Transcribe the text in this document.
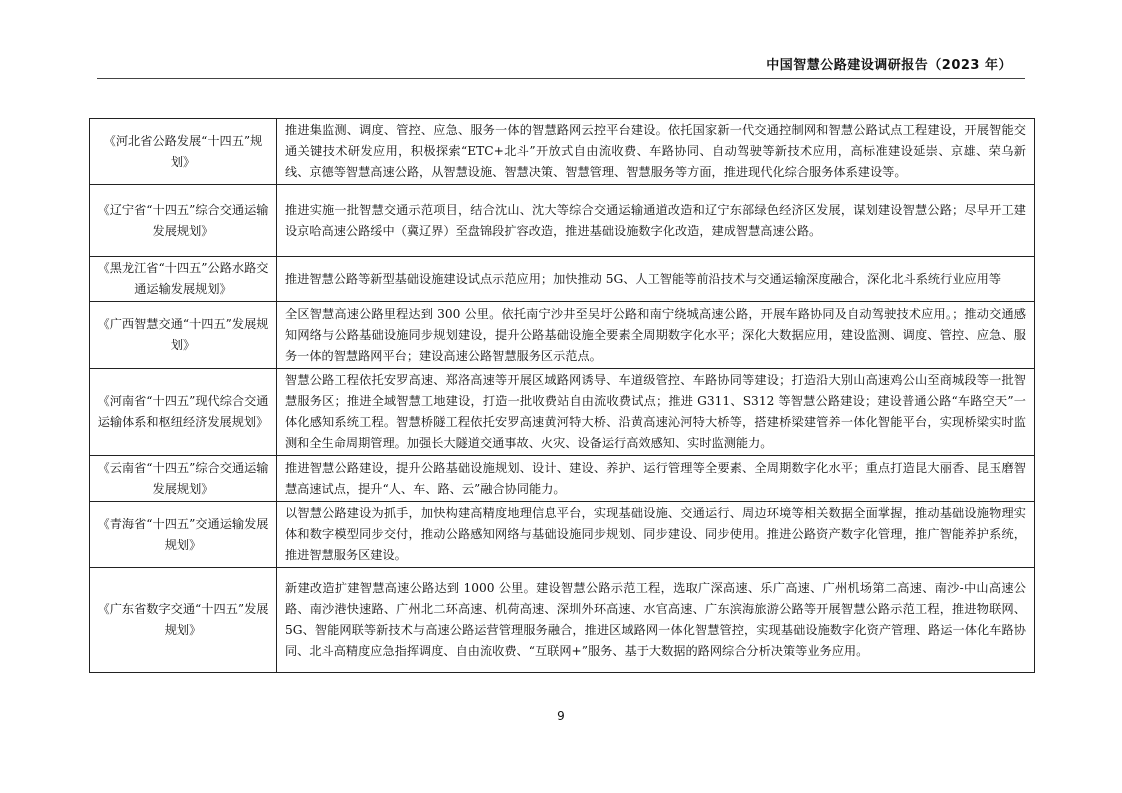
中国智慧公路建设调研报告（2023 年）
《河北省公路发展“十四五”规划》	推进集监测、调度、管控、应急、服务一体的智慧路网云控平台建设。依托国家新一代交通控制网和智慧公路试点工程建设，开展智能交通关键技术研发应用，积极探索“ETC+北斗”开放式自由流收费、车路协同、自动驾驶等新技术应用，高标准建设延崇、京雄、荣乌新线、京德等智慧高速公路，从智慧设施、智慧决策、智慧管理、智慧服务等方面，推进现代化综合服务体系建设等。
《辽宁省“十四五”综合交通运输发展规划》	推进实施一批智慧交通示范项目，结合沈山、沈大等综合交通运输通道改造和辽宁东部绿色经济区发展，谋划建设智慧公路；尽早开工建设京哈高速公路绥中（冀辽界）至盘锦段扩容改造，推进基础设施数字化改造，建成智慧高速公路。
《黑龙江省“十四五”公路水路交通运输发展规划》	推进智慧公路等新型基础设施建设试点示范应用；加快推动 5G、人工智能等前沿技术与交通运输深度融合，深化北斗系统行业应用等
《广西智慧交通“十四五”发展规划》	全区智慧高速公路里程达到 300 公里。依托南宁沙井至吴圩公路和南宁绕城高速公路，开展车路协同及自动驾驶技术应用。；推动交通感知网络与公路基础设施同步规划建设，提升公路基础设施全要素全周期数字化水平；深化大数据应用，建设监测、调度、管控、应急、服务一体的智慧路网平台；建设高速公路智慧服务区示范点。
《河南省“十四五”现代综合交通运输体系和枢纽经济发展规划》	智慧公路工程依托安罗高速、郑洛高速等开展区域路网诱导、车道级管控、车路协同等建设；打造沿大别山高速鸡公山至商城段等一批智慧服务区；推进全域智慧工地建设，打造一批收费站自由流收费试点；推进 G311、S312 等智慧公路建设；建设普通公路“车路空天”一体化感知系统工程。智慧桥隧工程依托安罗高速黄河特大桥、沿黄高速沁河特大桥等，搭建桥梁建管养一体化智能平台，实现桥梁实时监测和全生命周期管理。加强长大隧道交通事故、火灾、设备运行高效感知、实时监测能力。
《云南省“十四五”综合交通运输发展规划》	推进智慧公路建设，提升公路基础设施规划、设计、建设、养护、运行管理等全要素、全周期数字化水平；重点打造昆大丽香、昆玉磨智慧高速试点，提升“人、车、路、云”融合协同能力。
《青海省“十四五”交通运输发展规划》	以智慧公路建设为抓手，加快构建高精度地理信息平台，实现基础设施、交通运行、周边环境等相关数据全面掌握，推动基础设施物理实体和数字模型同步交付，推动公路感知网络与基础设施同步规划、同步建设、同步使用。推进公路资产数字化管理，推广智能养护系统，推进智慧服务区建设。
《广东省数字交通“十四五”发展规划》	新建改造扩建智慧高速公路达到 1000 公里。建设智慧公路示范工程，选取广深高速、乐广高速、广州机场第二高速、南沙-中山高速公路、南沙港快速路、广州北二环高速、机荷高速、深圳外环高速、水官高速、广东滨海旅游公路等开展智慧公路示范工程，推进物联网、5G、智能网联等新技术与高速公路运营管理服务融合，推进区域路网一体化智慧管控，实现基础设施数字化资产管理、路运一体化车路协同、北斗高精度应急指挥调度、自由流收费、“互联网+”服务、基于大数据的路网综合分析决策等业务应用。
9
